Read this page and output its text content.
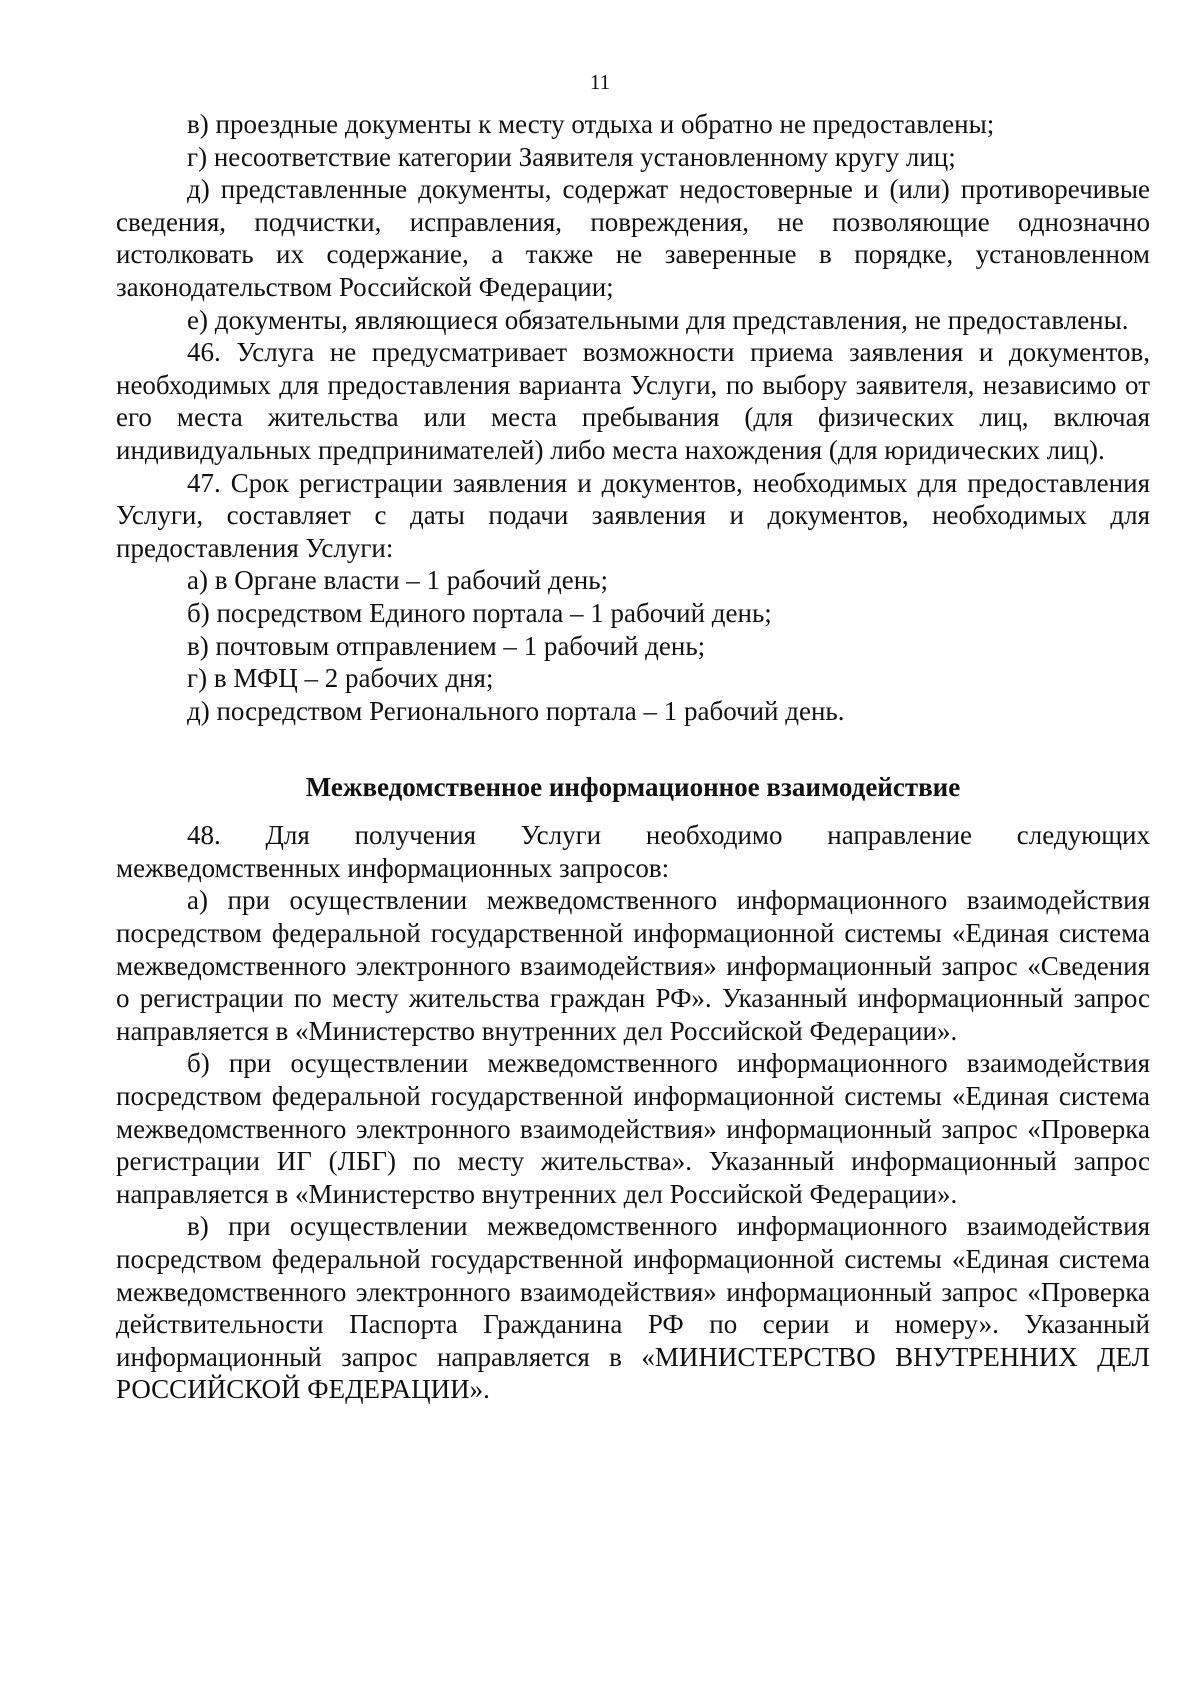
11

в) проездные документы к месту отдыха и обратно не предоставлены;

г) несоответствие категории Заявителя установленному кругу лиц;

д) представленные документы, содержат недостоверные и (или) противоречивые сведения, подчистки, исправления, повреждения, не позволяющие однозначно истолковать их содержание, а также не заверенные в порядке, установленном законодательством Российской Федерации;

е) документы, являющиеся обязательными для представления, не предоставлены.

46. Услуга не предусматривает возможности приема заявления и документов, необходимых для предоставления варианта Услуги, по выбору заявителя, независимо от его места жительства или места пребывания (для физических лиц, включая индивидуальных предпринимателей) либо места нахождения (для юридических лиц).

47. Срок регистрации заявления и документов, необходимых для предоставления Услуги, составляет с даты подачи заявления и документов, необходимых для предоставления Услуги:

а) в Органе власти – 1 рабочий день;

б) посредством Единого портала – 1 рабочий день;

в) почтовым отправлением – 1 рабочий день;

г) в МФЦ – 2 рабочих дня;

д) посредством Регионального портала – 1 рабочий день.

Межведомственное информационное взаимодействие

48. Для получения Услуги необходимо направление следующих межведомственных информационных запросов:

а) при осуществлении межведомственного информационного взаимодействия посредством федеральной государственной информационной системы «Единая система межведомственного электронного взаимодействия» информационный запрос «Сведения о регистрации по месту жительства граждан РФ». Указанный информационный запрос направляется в «Министерство внутренних дел Российской Федерации».

б) при осуществлении межведомственного информационного взаимодействия посредством федеральной государственной информационной системы «Единая система межведомственного электронного взаимодействия» информационный запрос «Проверка регистрации ИГ (ЛБГ) по месту жительства». Указанный информационный запрос направляется в «Министерство внутренних дел Российской Федерации».

в) при осуществлении межведомственного информационного взаимодействия посредством федеральной государственной информационной системы «Единая система межведомственного электронного взаимодействия» информационный запрос «Проверка действительности Паспорта Гражданина РФ по серии и номеру». Указанный информационный запрос направляется в «МИНИСТЕРСТВО ВНУТРЕННИХ ДЕЛ РОССИЙСКОЙ ФЕДЕРАЦИИ».
